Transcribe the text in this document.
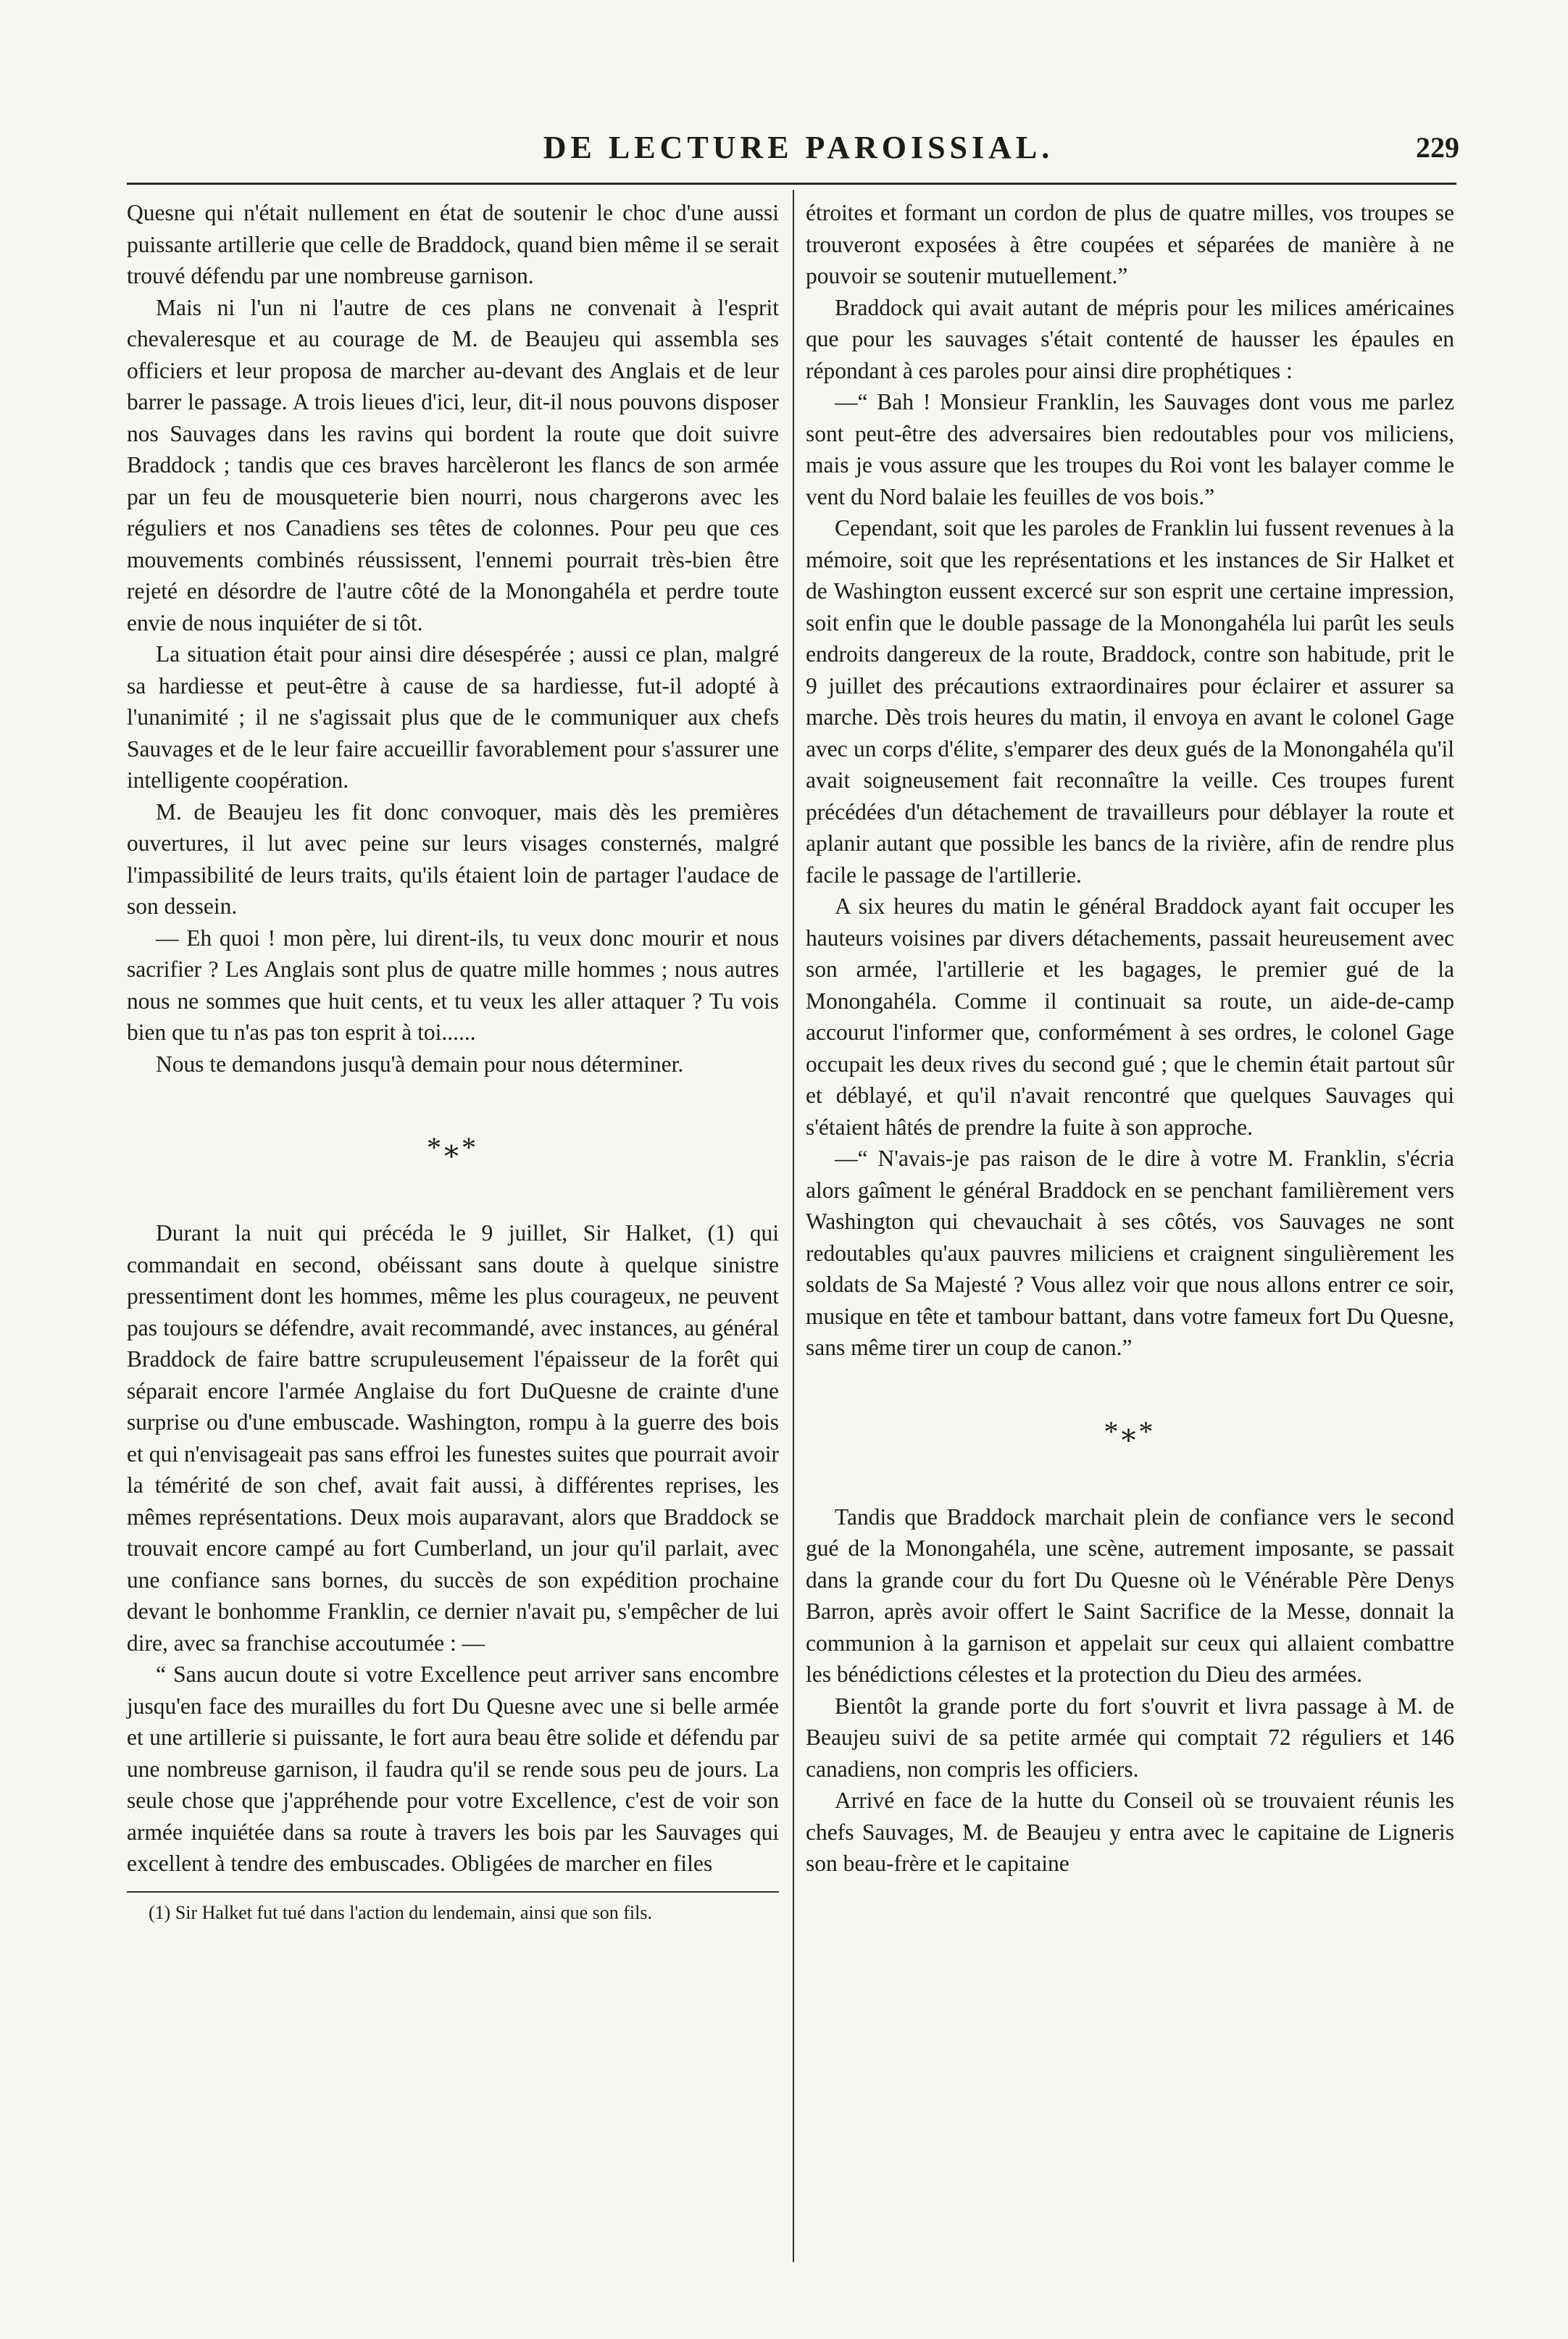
DE LECTURE PAROISSIAL.	229

Quesne qui n'était nullement en état de soutenir le choc d'une aussi puissante artillerie que celle de Braddock, quand bien même il se serait trouvé défendu par une nombreuse garnison.

Mais ni l'un ni l'autre de ces plans ne convenait à l'esprit chevaleresque et au courage de M. de Beaujeu qui assembla ses officiers et leur proposa de marcher au-devant des Anglais et de leur barrer le passage. A trois lieues d'ici, leur, dit-il nous pouvons disposer nos Sauvages dans les ravins qui bordent la route que doit suivre Braddock ; tandis que ces braves harcèleront les flancs de son armée par un feu de mousqueterie bien nourri, nous chargerons avec les réguliers et nos Canadiens ses têtes de colonnes. Pour peu que ces mouvements combinés réussissent, l'ennemi pourrait très-bien être rejeté en désordre de l'autre côté de la Monongahéla et perdre toute envie de nous inquiéter de si tôt.

La situation était pour ainsi dire désespérée ; aussi ce plan, malgré sa hardiesse et peut-être à cause de sa hardiesse, fut-il adopté à l'unanimité ; il ne s'agissait plus que de le communiquer aux chefs Sauvages et de le leur faire accueillir favorablement pour s'assurer une intelligente coopération.

M. de Beaujeu les fit donc convoquer, mais dès les premières ouvertures, il lut avec peine sur leurs visages consternés, malgré l'impassibilité de leurs traits, qu'ils étaient loin de partager l'audace de son dessein.

— Eh quoi ! mon père, lui dirent-ils, tu veux donc mourir et nous sacrifier ? Les Anglais sont plus de quatre mille hommes ; nous autres nous ne sommes que huit cents, et tu veux les aller attaquer ? Tu vois bien que tu n'as pas ton esprit à toi......

Nous te demandons jusqu'à demain pour nous déterminer.

*⁎*

Durant la nuit qui précéda le 9 juillet, Sir Halket, (1) qui commandait en second, obéissant sans doute à quelque sinistre pressentiment dont les hommes, même les plus courageux, ne peuvent pas toujours se défendre, avait recommandé, avec instances, au général Braddock de faire battre scrupuleusement l'épaisseur de la forêt qui séparait encore l'armée Anglaise du fort DuQuesne de crainte d'une surprise ou d'une embuscade. Washington, rompu à la guerre des bois et qui n'envisageait pas sans effroi les funestes suites que pourrait avoir la témérité de son chef, avait fait aussi, à différentes reprises, les mêmes représentations. Deux mois auparavant, alors que Braddock se trouvait encore campé au fort Cumberland, un jour qu'il parlait, avec une confiance sans bornes, du succès de son expédition prochaine devant le bonhomme Franklin, ce dernier n'avait pu, s'empêcher de lui dire, avec sa franchise accoutumée : —

“ Sans aucun doute si votre Excellence peut arriver sans encombre jusqu'en face des murailles du fort Du Quesne avec une si belle armée et une artillerie si puissante, le fort aura beau être solide et défendu par une nombreuse garnison, il faudra qu'il se rende sous peu de jours. La seule chose que j'appréhende pour votre Excellence, c'est de voir son armée inquiétée dans sa route à travers les bois par les Sauvages qui excellent à tendre des embuscades. Obligées de marcher en files

(1) Sir Halket fut tué dans l'action du lendemain, ainsi que son fils.

étroites et formant un cordon de plus de quatre milles, vos troupes se trouveront exposées à être coupées et séparées de manière à ne pouvoir se soutenir mutuellement.”

Braddock qui avait autant de mépris pour les milices américaines que pour les sauvages s'était contenté de hausser les épaules en répondant à ces paroles pour ainsi dire prophétiques :

—“ Bah ! Monsieur Franklin, les Sauvages dont vous me parlez sont peut-être des adversaires bien redoutables pour vos miliciens, mais je vous assure que les troupes du Roi vont les balayer comme le vent du Nord balaie les feuilles de vos bois.”

Cependant, soit que les paroles de Franklin lui fussent revenues à la mémoire, soit que les représentations et les instances de Sir Halket et de Washington eussent excercé sur son esprit une certaine impression, soit enfin que le double passage de la Monongahéla lui parût les seuls endroits dangereux de la route, Braddock, contre son habitude, prit le 9 juillet des précautions extraordinaires pour éclairer et assurer sa marche. Dès trois heures du matin, il envoya en avant le colonel Gage avec un corps d'élite, s'emparer des deux gués de la Monongahéla qu'il avait soigneusement fait reconnaître la veille. Ces troupes furent précédées d'un détachement de travailleurs pour déblayer la route et aplanir autant que possible les bancs de la rivière, afin de rendre plus facile le passage de l'artillerie.

A six heures du matin le général Braddock ayant fait occuper les hauteurs voisines par divers détachements, passait heureusement avec son armée, l'artillerie et les bagages, le premier gué de la Monongahéla. Comme il continuait sa route, un aide-de-camp accourut l'informer que, conformément à ses ordres, le colonel Gage occupait les deux rives du second gué ; que le chemin était partout sûr et déblayé, et qu'il n'avait rencontré que quelques Sauvages qui s'étaient hâtés de prendre la fuite à son approche.

—“ N'avais-je pas raison de le dire à votre M. Franklin, s'écria alors gaîment le général Braddock en se penchant familièrement vers Washington qui chevauchait à ses côtés, vos Sauvages ne sont redoutables qu'aux pauvres miliciens et craignent singulièrement les soldats de Sa Majesté ? Vous allez voir que nous allons entrer ce soir, musique en tête et tambour battant, dans votre fameux fort Du Quesne, sans même tirer un coup de canon.”

*⁎*

Tandis que Braddock marchait plein de confiance vers le second gué de la Monongahéla, une scène, autrement imposante, se passait dans la grande cour du fort Du Quesne où le Vénérable Père Denys Barron, après avoir offert le Saint Sacrifice de la Messe, donnait la communion à la garnison et appelait sur ceux qui allaient combattre les bénédictions célestes et la protection du Dieu des armées.

Bientôt la grande porte du fort s'ouvrit et livra passage à M. de Beaujeu suivi de sa petite armée qui comptait 72 réguliers et 146 canadiens, non compris les officiers.

Arrivé en face de la hutte du Conseil où se trouvaient réunis les chefs Sauvages, M. de Beaujeu y entra avec le capitaine de Ligneris son beau-frère et le capitaine
